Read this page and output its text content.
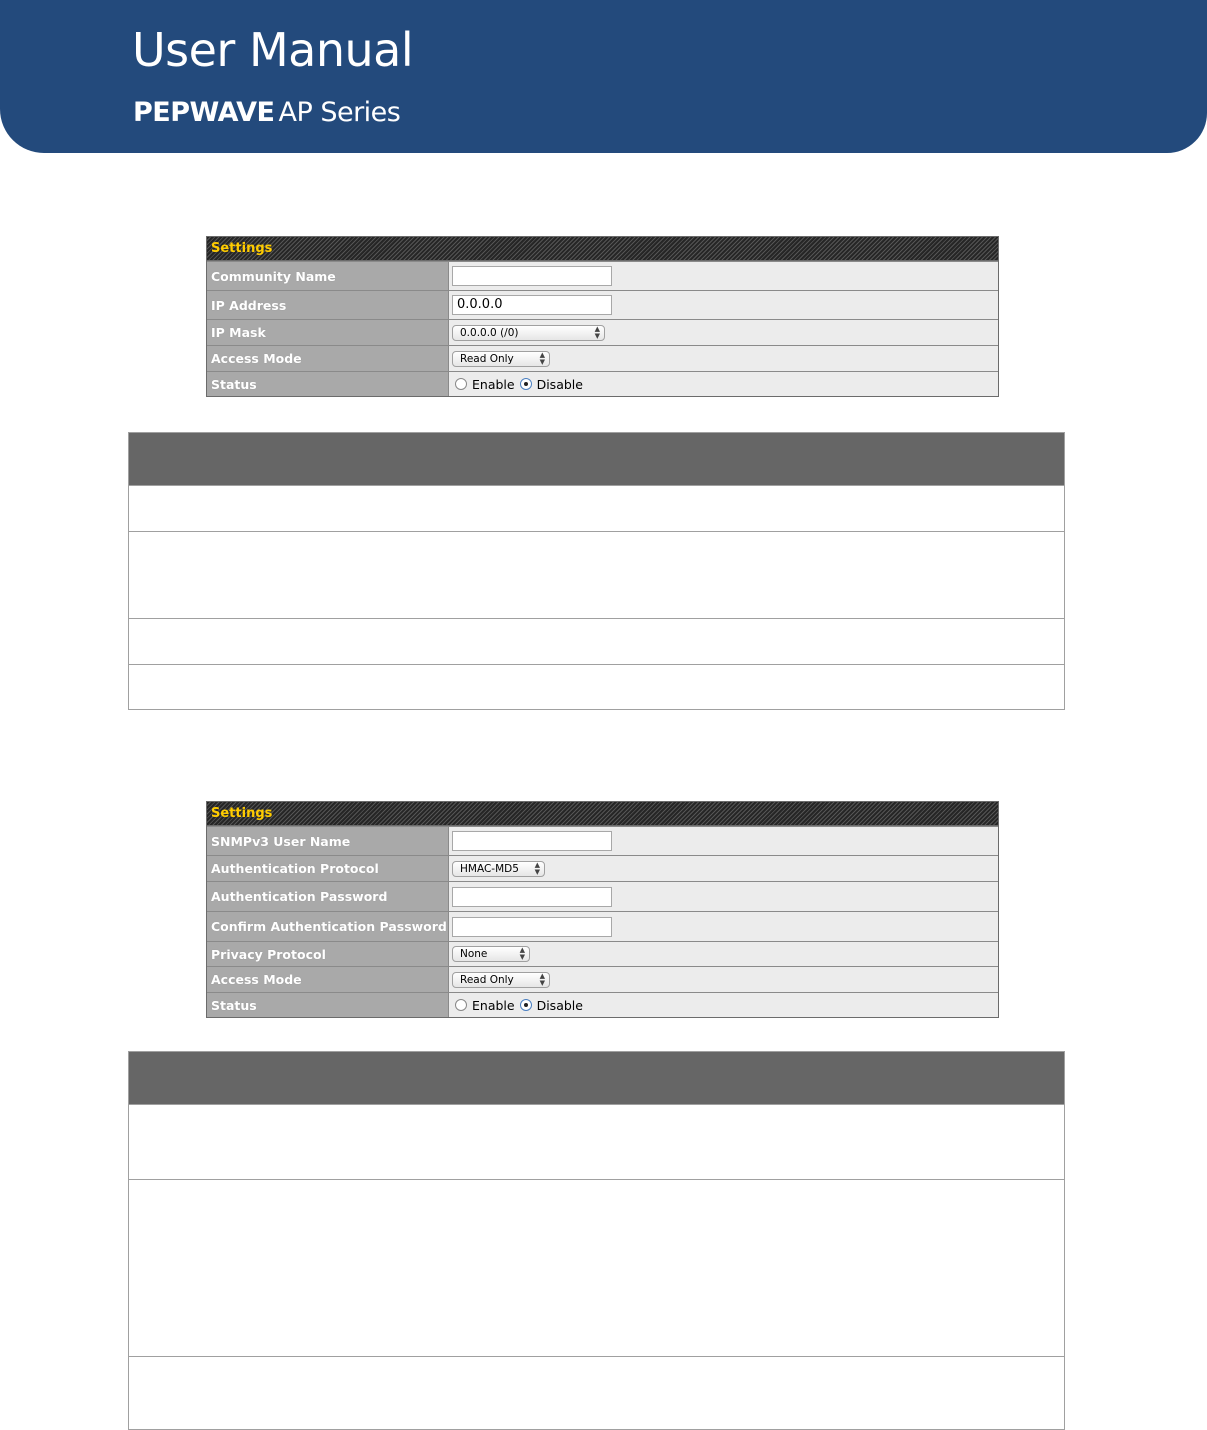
User Manual
PEPWAVE AP Series
Settings
Community Name
IP Address	0.0.0.0
IP Mask	0.0.0.0 (/0)	▲
▼
Access Mode	Read Only	▲
▼
Status	Enable Disable
Settings
SNMPv3 User Name
Authentication Protocol	HMAC-MD5 ▲
▼
Authentication Password
Confirm Authentication Password
Privacy Protocol	None	▲
▼
Access Mode	Read Only	▲
▼
Status	Enable Disable
